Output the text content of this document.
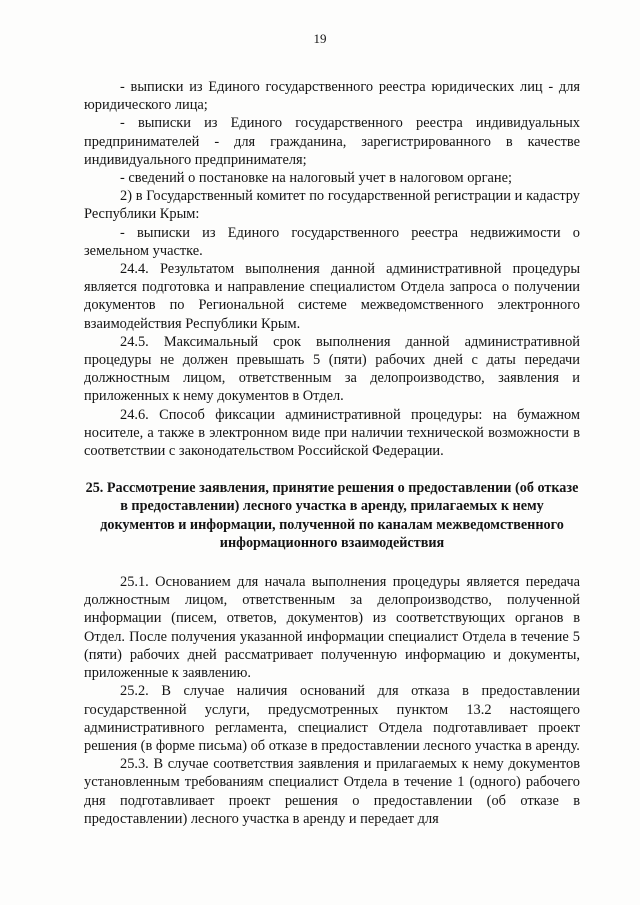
19

- выписки из Единого государственного реестра юридических лиц - для юридического лица;

- выписки из Единого государственного реестра индивидуальных предпринимателей - для гражданина, зарегистрированного в качестве индивидуального предпринимателя;

- сведений о постановке на налоговый учет в налоговом органе;

2) в Государственный комитет по государственной регистрации и кадастру Республики Крым:

- выписки из Единого государственного реестра недвижимости о земельном участке.

24.4. Результатом выполнения данной административной процедуры является подготовка и направление специалистом Отдела запроса о получении документов по Региональной системе межведомственного электронного взаимодействия Республики Крым.

24.5. Максимальный срок выполнения данной административной процедуры не должен превышать 5 (пяти) рабочих дней с даты передачи должностным лицом, ответственным за делопроизводство, заявления и приложенных к нему документов в Отдел.

24.6. Способ фиксации административной процедуры: на бумажном носителе, а также в электронном виде при наличии технической возможности в соответствии с законодательством Российской Федерации.

25. Рассмотрение заявления, принятие решения о предоставлении (об отказе в предоставлении) лесного участка в аренду, прилагаемых к нему документов и информации, полученной по каналам межведомственного информационного взаимодействия

25.1. Основанием для начала выполнения процедуры является передача должностным лицом, ответственным за делопроизводство, полученной информации (писем, ответов, документов) из соответствующих органов в Отдел. После получения указанной информации специалист Отдела в течение 5 (пяти) рабочих дней рассматривает полученную информацию и документы, приложенные к заявлению.

25.2. В случае наличия оснований для отказа в предоставлении государственной услуги, предусмотренных пунктом 13.2 настоящего административного регламента, специалист Отдела подготавливает проект решения (в форме письма) об отказе в предоставлении лесного участка в аренду.

25.3. В случае соответствия заявления и прилагаемых к нему документов установленным требованиям специалист Отдела в течение 1 (одного) рабочего дня подготавливает проект решения о предоставлении (об отказе в предоставлении) лесного участка в аренду и передает для
